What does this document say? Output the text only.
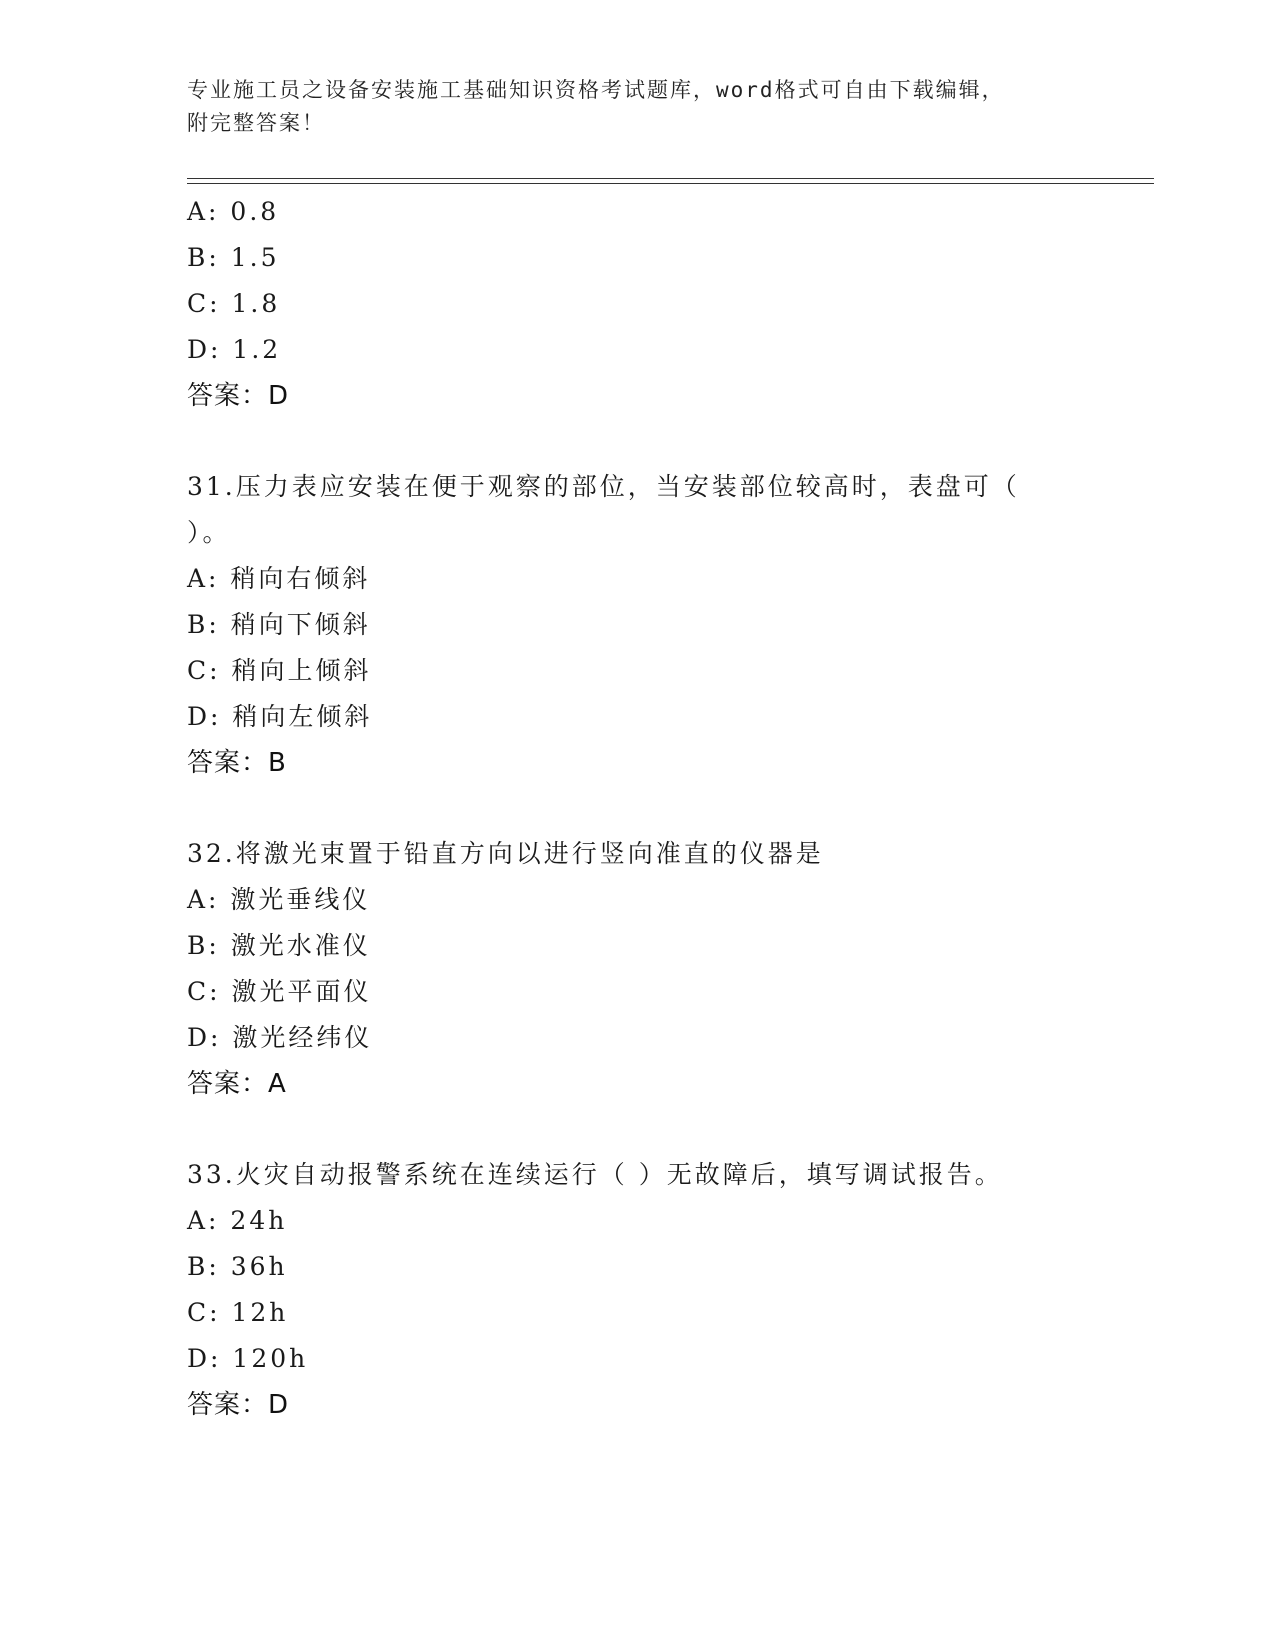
专业施工员之设备安装施工基础知识资格考试题库，word格式可自由下载编辑，
附完整答案！
A: 0.8
B: 1.5
C: 1.8
D: 1.2
答案：D
31.压力表应安装在便于观察的部位，当安装部位较高时，表盘可（
）。
A: 稍向右倾斜
B: 稍向下倾斜
C: 稍向上倾斜
D: 稍向左倾斜
答案：B
32.将激光束置于铅直方向以进行竖向准直的仪器是
A: 激光垂线仪
B: 激光水准仪
C: 激光平面仪
D: 激光经纬仪
答案：A
33.火灾自动报警系统在连续运行（ ）无故障后，填写调试报告。
A: 24h
B: 36h
C: 12h
D: 120h
答案：D
